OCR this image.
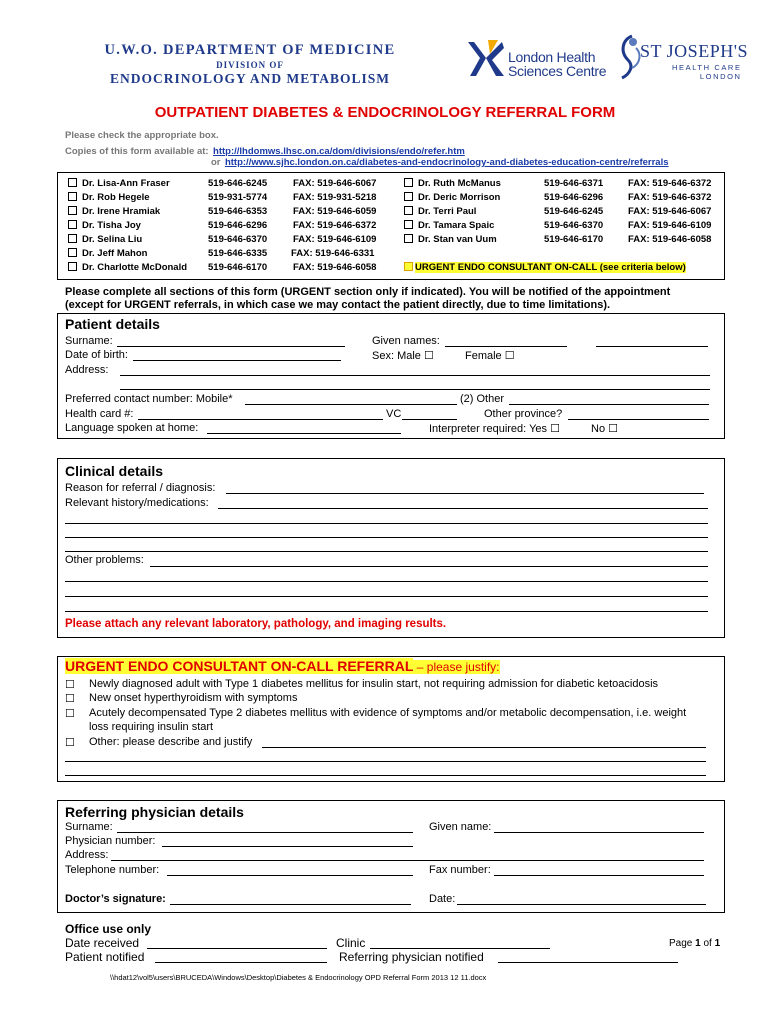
U.W.O. DEPARTMENT OF MEDICINE
DIVISION OF
ENDOCRINOLOGY AND METABOLISM
London Health
Sciences Centre
ST JOSEPH'S
HEALTH CARE
LONDON
OUTPATIENT DIABETES & ENDOCRINOLOGY REFERRAL FORM
Please check the appropriate box.
Copies of this form available at: http://lhdomws.lhsc.on.ca/dom/divisions/endo/refer.htm
or http://www.sjhc.london.on.ca/diabetes-and-endocrinology-and-diabetes-education-centre/referrals
Dr. Lisa-Ann Fraser	519-646-6245	FAX: 519-646-6067
Dr. Rob Hegele	519-931-5774	FAX: 519-931-5218
Dr. Irene Hramiak	519-646-6353	FAX: 519-646-6059
Dr. Tisha Joy	519-646-6296	FAX: 519-646-6372
Dr. Selina Liu	519-646-6370	FAX: 519-646-6109
Dr. Jeff Mahon	519-646-6335	FAX: 519-646-6331
Dr. Charlotte McDonald 519-646-6170	FAX: 519-646-6058
Dr. Ruth McManus	519-646-6371	FAX: 519-646-6372
Dr. Deric Morrison	519-646-6296	FAX: 519-646-6372
Dr. Terri Paul	519-646-6245	FAX: 519-646-6067
Dr. Tamara Spaic	519-646-6370	FAX: 519-646-6109
Dr. Stan van Uum	519-646-6170	FAX: 519-646-6058
URGENT ENDO CONSULTANT ON-CALL (see criteria below)
Please complete all sections of this form (URGENT section only if indicated). You will be notified of the appointment
(except for URGENT referrals, in which case we may contact the patient directly, due to time limitations).
Patient details
Surname:	Given names:
Date of birth:	Sex: Male ☐	Female ☐
Address:
Preferred contact number: Mobile*	(2) Other
Health card #:	VC	Other province?
Language spoken at home:	Interpreter required: Yes ☐	No ☐
Clinical details
Reason for referral / diagnosis:
Relevant history/medications:
Other problems:
Please attach any relevant laboratory, pathology, and imaging results.
URGENT ENDO CONSULTANT ON-CALL REFERRAL – please justify:
☐ Newly diagnosed adult with Type 1 diabetes mellitus for insulin start, not requiring admission for diabetic ketoacidosis
☐ New onset hyperthyroidism with symptoms
☐ Acutely decompensated Type 2 diabetes mellitus with evidence of symptoms and/or metabolic decompensation, i.e. weight
loss requiring insulin start
☐ Other: please describe and justify
Referring physician details
Surname:	Given name:
Physician number:
Address:
Telephone number:	Fax number:
Doctor’s signature:	Date:
Office use only
Date received	Clinic	Page 1 of 1
Patient notified	Referring physician notified
\\hdat12\vol5\users\BRUCEDA\Windows\Desktop\Diabetes & Endocrinology OPD Referral Form 2013 12 11.docx
